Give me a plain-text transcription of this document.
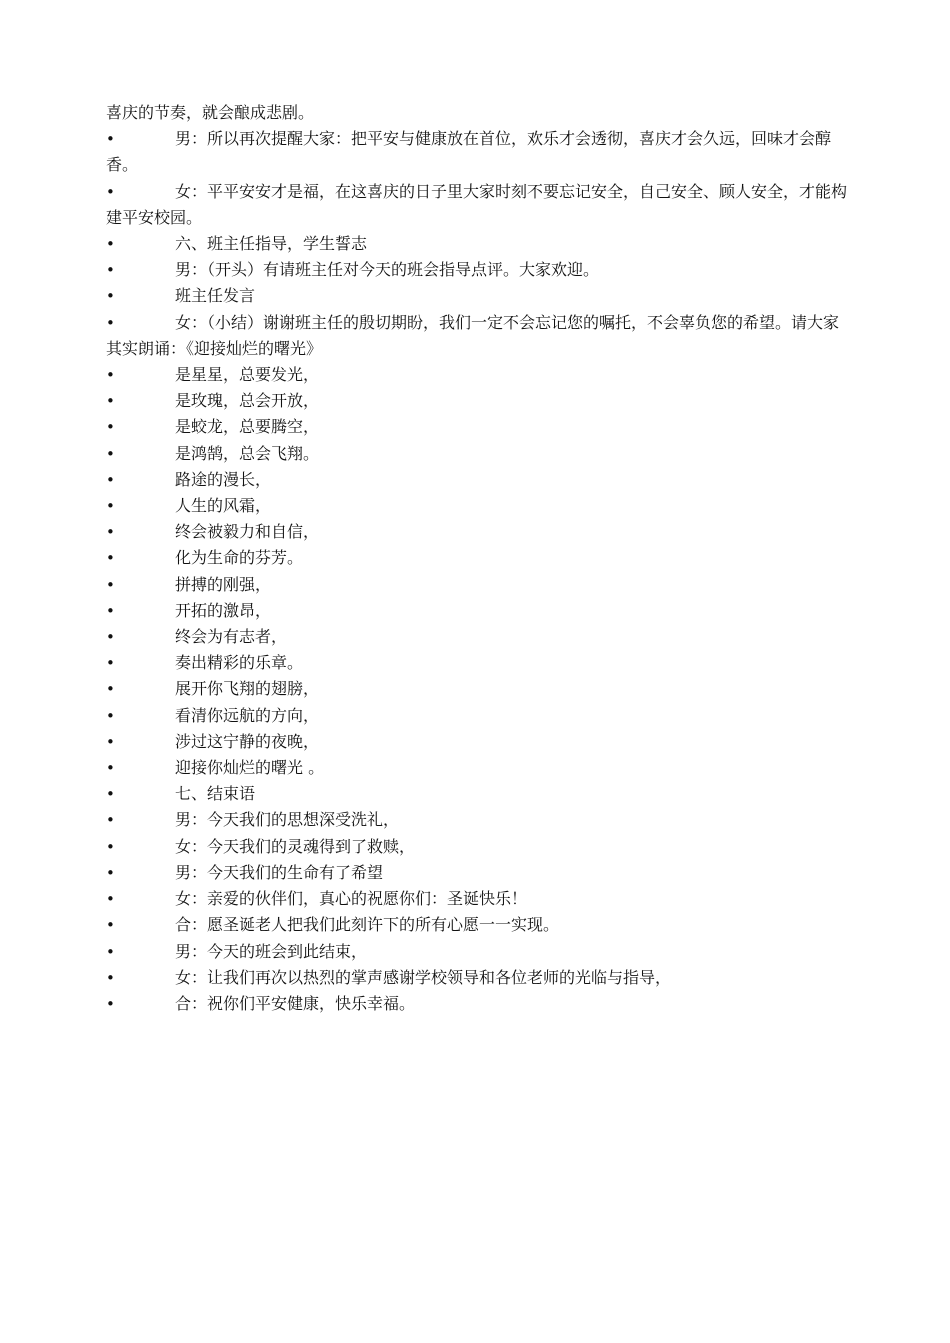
喜庆的节奏，就会酿成悲剧。

•	男：所以再次提醒大家：把平安与健康放在首位，欢乐才会透彻，喜庆才会久远，回味才会醇香。

•	女：平平安安才是福，在这喜庆的日子里大家时刻不要忘记安全，自己安全、顾人安全，才能构建平安校园。

•	六、班主任指导，学生誓志

•	男：（开头）有请班主任对今天的班会指导点评。大家欢迎。

•	班主任发言

•	女：（小结）谢谢班主任的殷切期盼，我们一定不会忘记您的嘱托，不会辜负您的希望。请大家其实朗诵：《迎接灿烂的曙光》

•	是星星，总要发光，

•	是玫瑰，总会开放，

•	是蛟龙，总要腾空，

•	是鸿鹄，总会飞翔。

•	路途的漫长，

•	人生的风霜，

•	终会被毅力和自信，

•	化为生命的芬芳。

•	拼搏的刚强，

•	开拓的激昂，

•	终会为有志者，

•	奏出精彩的乐章。

•	展开你飞翔的翅膀，

•	看清你远航的方向，

•	涉过这宁静的夜晚，

•	迎接你灿烂的曙光 。

•	七、结束语

•	男：今天我们的思想深受洗礼，

•	女：今天我们的灵魂得到了救赎，

•	男：今天我们的生命有了希望

•	女：亲爱的伙伴们，真心的祝愿你们：圣诞快乐！

•	合：愿圣诞老人把我们此刻许下的所有心愿一一实现。

•	男：今天的班会到此结束，

•	女：让我们再次以热烈的掌声感谢学校领导和各位老师的光临与指导，

•	合：祝你们平安健康，快乐幸福。
